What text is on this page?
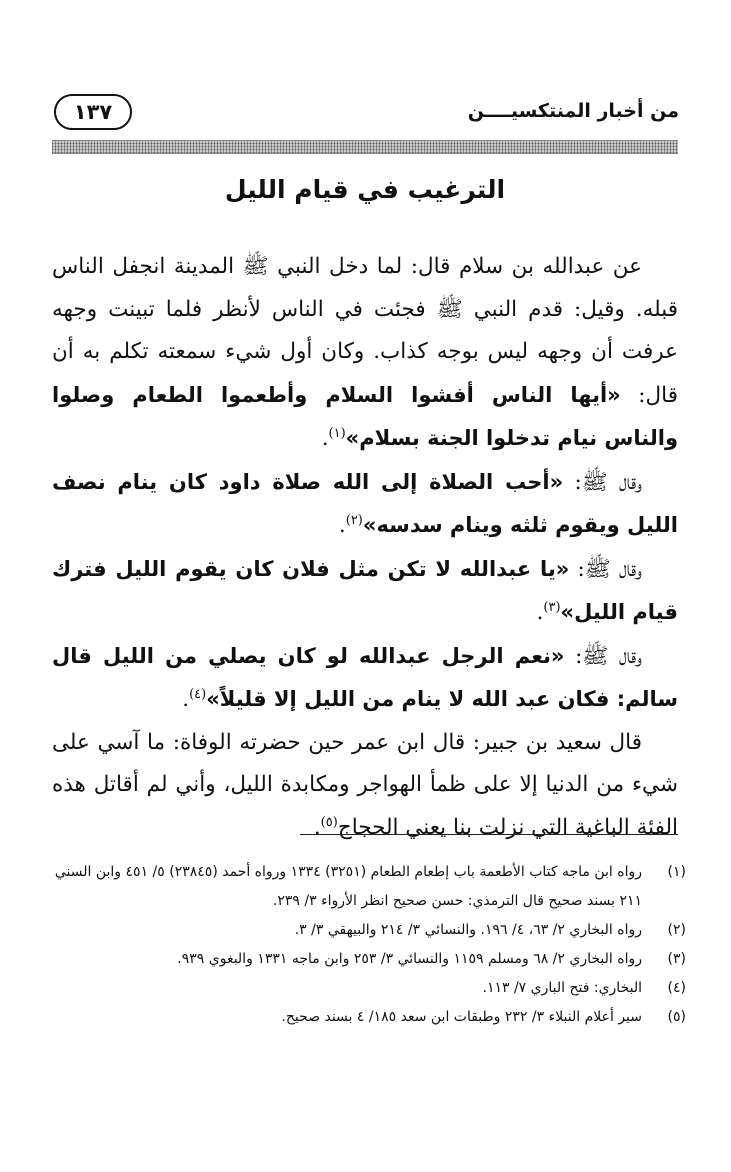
من أخبار المنتكسيــــن
١٣٧
الترغيب في قيام الليل

عن عبدالله بن سلام قال: لما دخل النبي ﷺ المدينة انجفل الناس قبله. وقيل: قدم النبي ﷺ فجئت في الناس لأنظر فلما تبينت وجهه عرفت أن وجهه ليس بوجه كذاب. وكان أول شيء سمعته تكلم به أن قال: «أيها الناس أفشوا السلام وأطعموا الطعام وصلوا والناس نيام تدخلوا الجنة بسلام»$^{(١)}$.

وقال ﷺ: «أحب الصلاة إلى الله صلاة داود كان ينام نصف الليل ويقوم ثلثه وينام سدسه»$^{(٢)}$.

وقال ﷺ: «يا عبدالله لا تكن مثل فلان كان يقوم الليل فترك قيام الليل»$^{(٣)}$.

وقال ﷺ: «نعم الرجل عبدالله لو كان يصلي من الليل قال سالم: فكان عبد الله لا ينام من الليل إلا قليلاً»$^{(٤)}$.

قال سعيد بن جبير: قال ابن عمر حين حضرته الوفاة: ما آسي على شيء من الدنيا إلا على ظمأ الهواجر ومكابدة الليل، وأني لم أقاتل هذه الفئة الباغية التي نزلت بنا يعني الحجاج$^{(٥)}$.

(١)
رواه ابن ماجه كتاب الأطعمة باب إطعام الطعام (٣٢٥١) ١٣٣٤ ورواه أحمد (٢٣٨٤٥) ٥/ ٤٥١ وابن السني ٢١١ بسند صحيح قال الترمذي: حسن صحيح انظر الأرواء ٣/ ٢٣٩.
(٢)
رواه البخاري ٢/ ٦٣، ٤/ ١٩٦. والنسائي ٣/ ٢١٤ والبيهقي ٣/ ٣.
(٣)
رواه البخاري ٢/ ٦٨ ومسلم ١١٥٩ والنسائي ٣/ ٢٥٣ وابن ماجه ١٣٣١ والبغوي ٩٣٩.
(٤)
البخاري: فتح الباري ٧/ ١١٣.
(٥)
سير أعلام النبلاء ٣/ ٢٣٢ وطبقات ابن سعد ١٨٥/ ٤ بسند صحيح.
